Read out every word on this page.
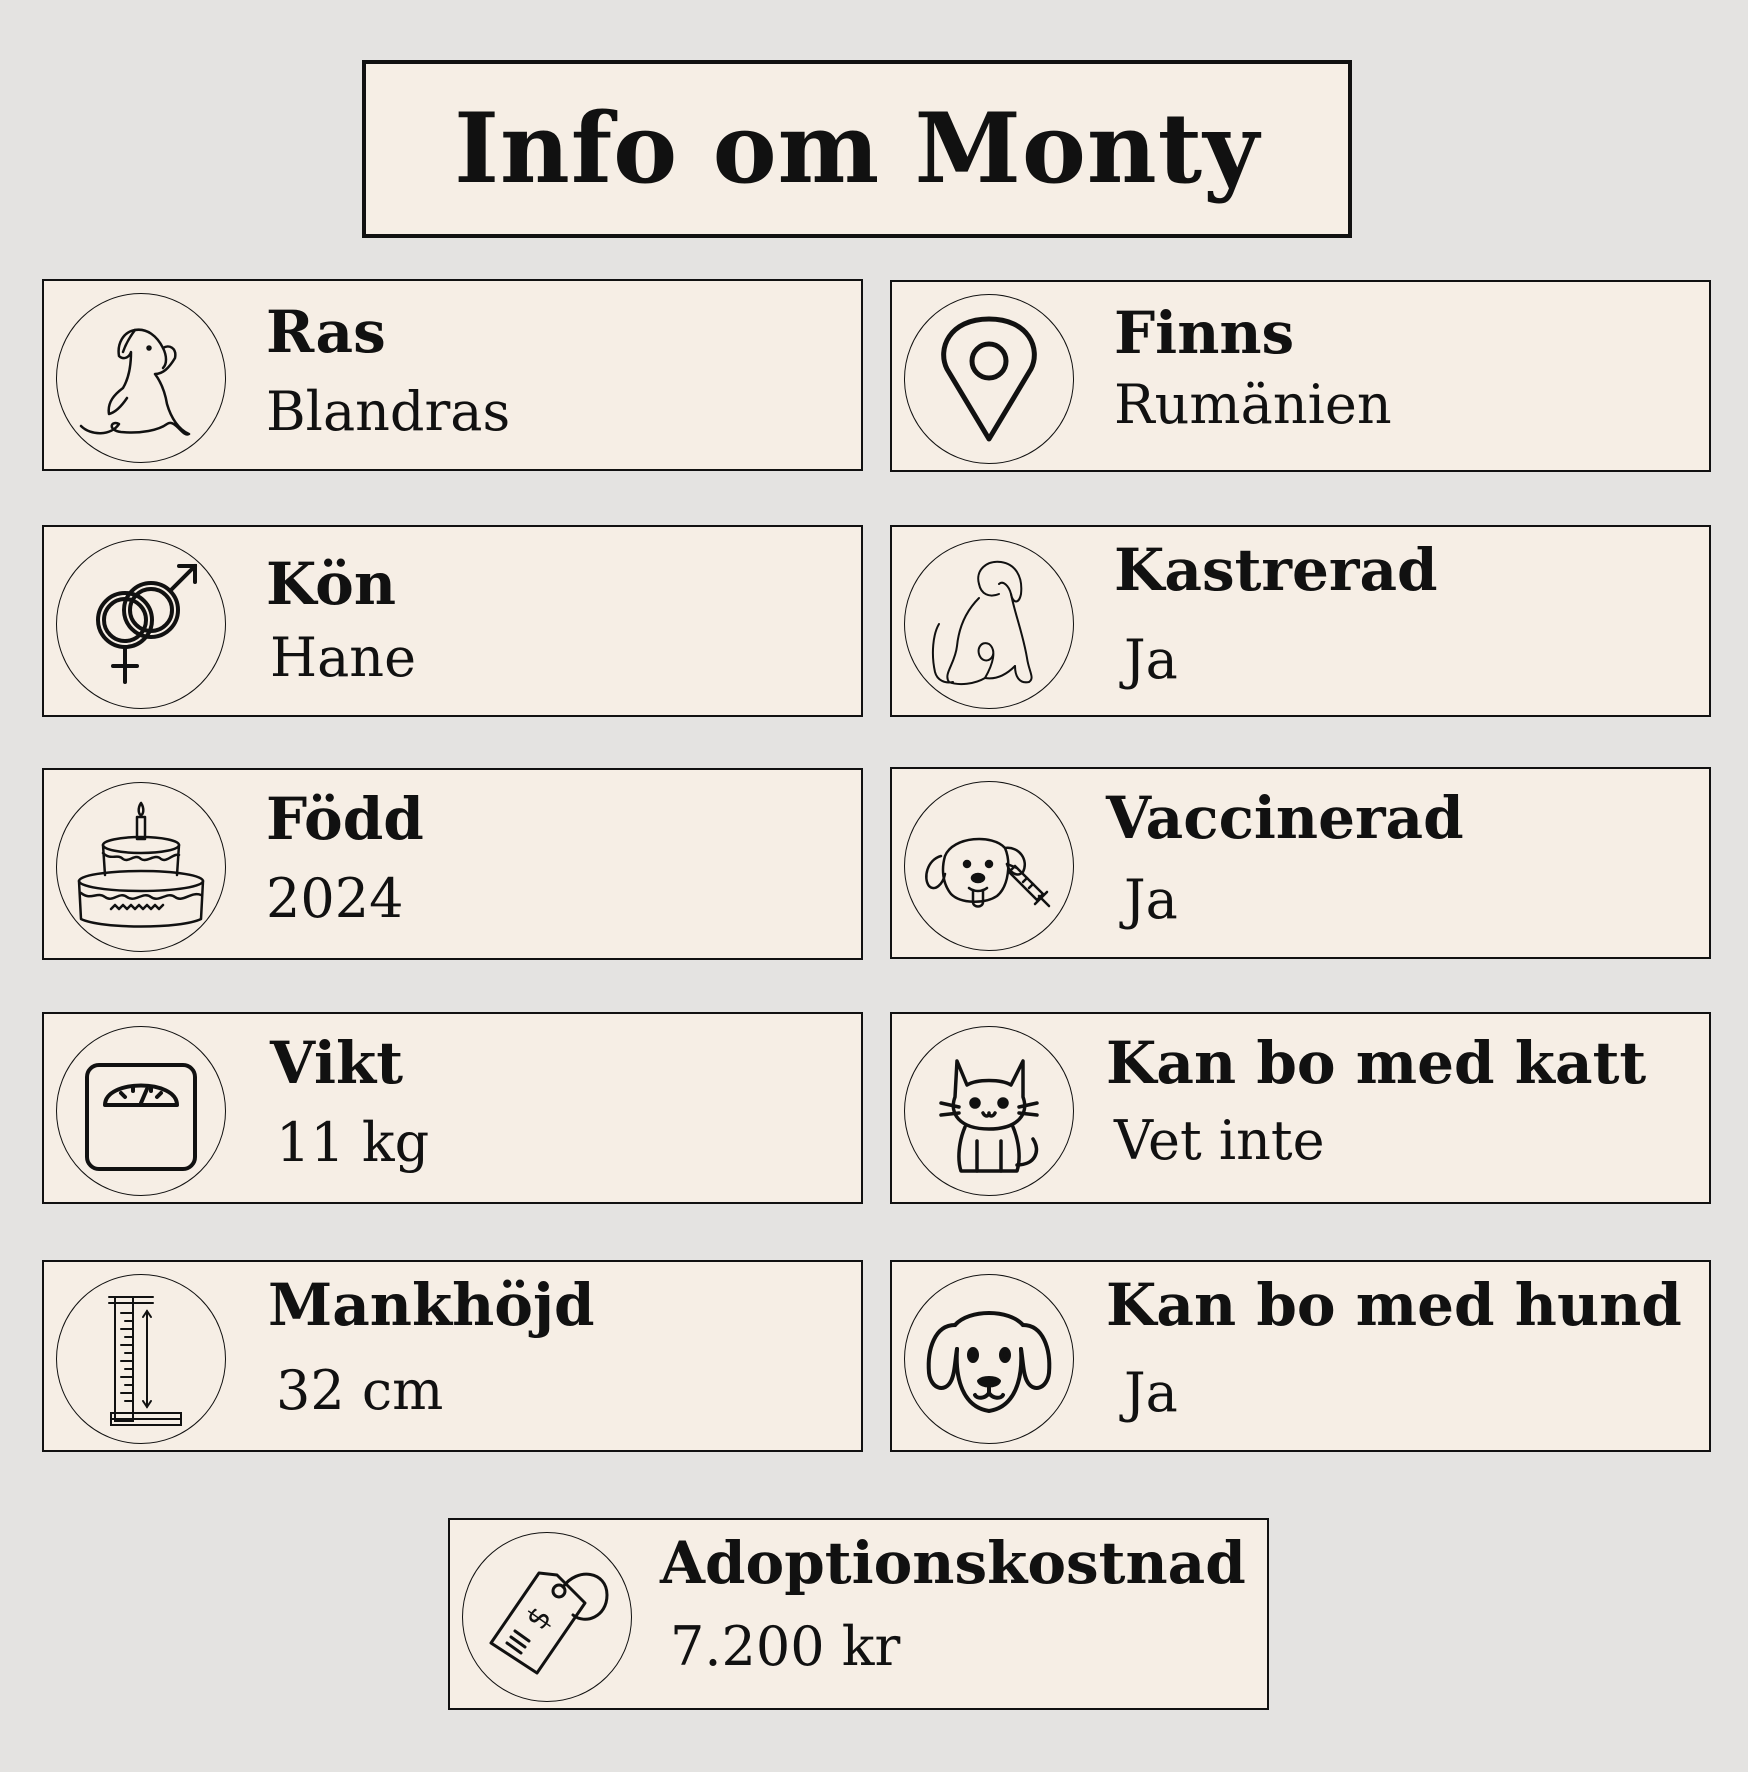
Info om Monty
Ras
Blandras
Finns
Rumänien
Kön
Hane
Kastrerad
Ja
Född
2024
Vaccinerad
Ja
Vikt
11 kg
Kan bo med katt
Vet inte
Mankhöjd
32 cm
Kan bo med hund
Ja
$
Adoptionskostnad
7.200 kr
